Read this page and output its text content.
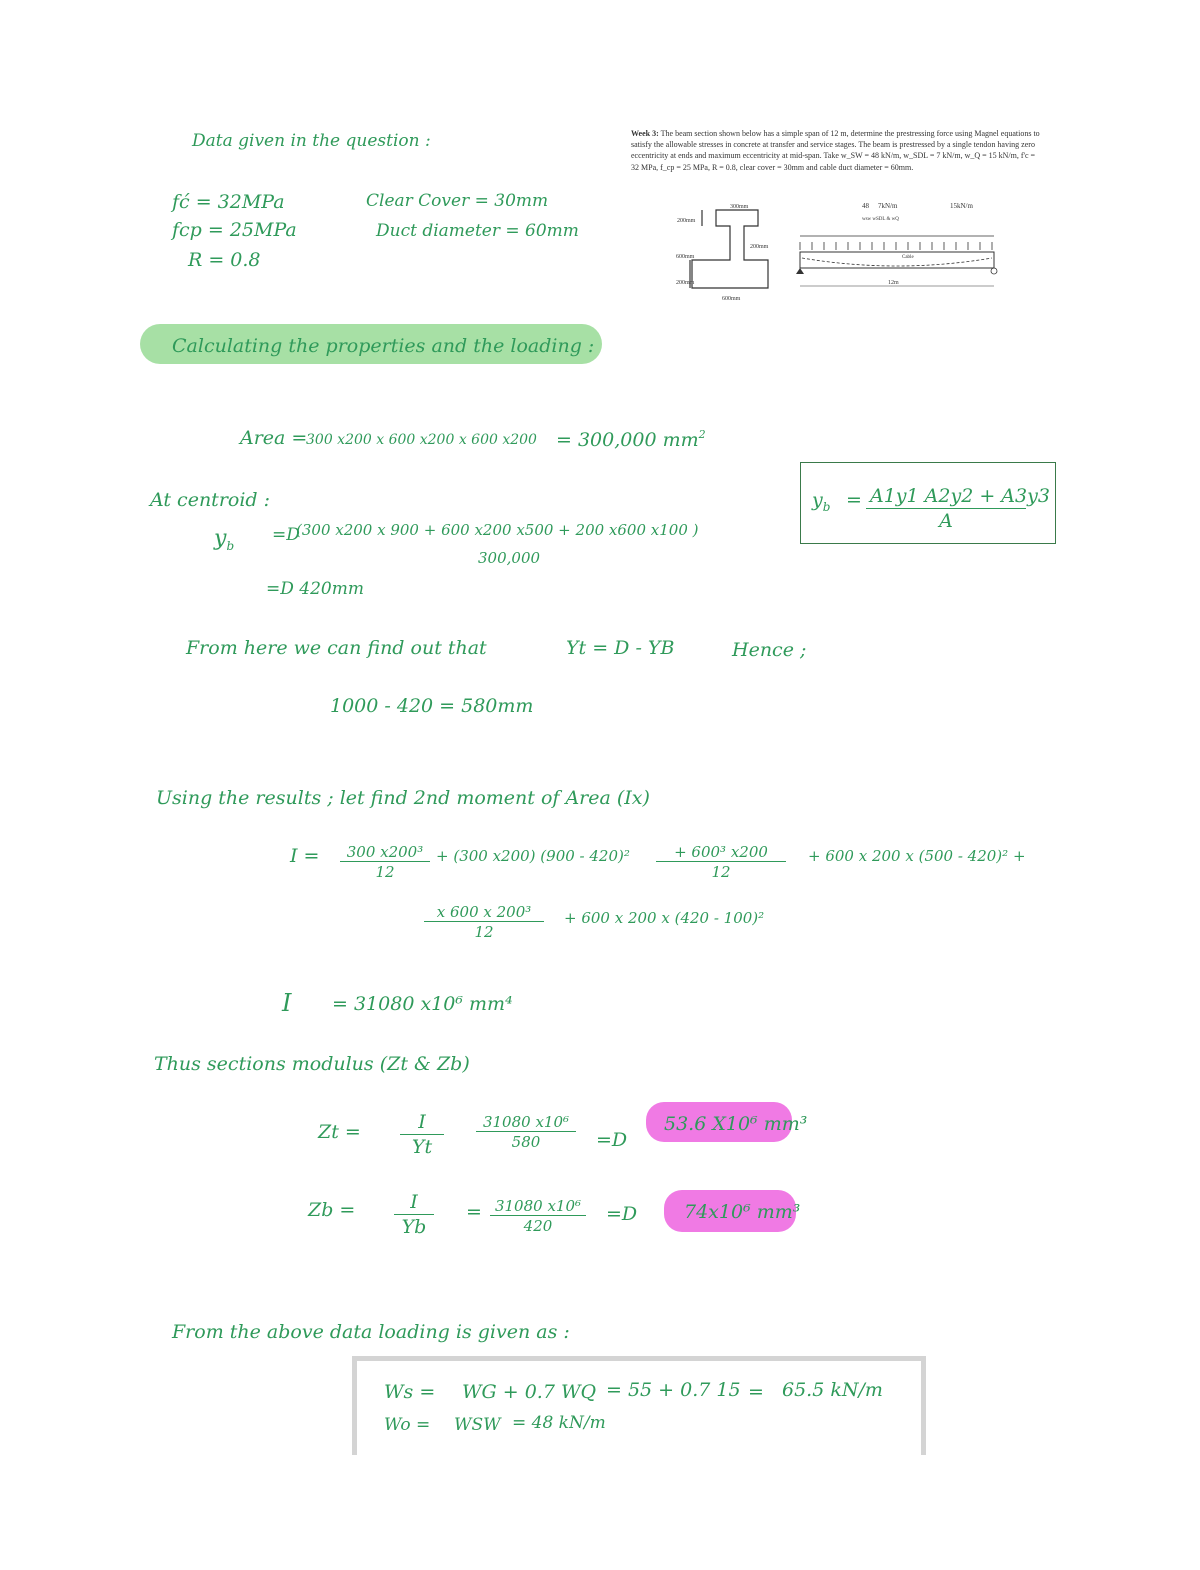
Data given in the question :
fć = 32MPa
fcp = 25MPa
R = 0.8
Clear Cover = 30mm
Duct diameter = 60mm
Week 3: The beam section shown below has a simple span of 12 m, determine the prestressing force using Magnel equations to satisfy the allowable stresses in concrete at transfer and service stages. The beam is prestressed by a single tendon having zero eccentricity at ends and maximum eccentricity at mid-span. Take w_SW = 48 kN/m, w_SDL = 7 kN/m, w_Q = 15 kN/m, f'c = 32 MPa, f_cp = 25 MPa, R = 0.8, clear cover = 30mm and cable duct diameter = 60mm.
300mm
200mm
600mm
200mm
200mm
600mm
48 7kN/m	15kN/m
wsw wSDL & wQ
Cable
12m
Calculating the properties and the loading :
Area =
300 x200 x 600 x200 x 600 x200 = 300,000 $mm^2$
At centroid :
$y_b$
=D
(300 x200 x 900 + 600 x200 x500 + 200 x600 x100 )
300,000
=D 420mm
$y_b = \frac{A1y1 A2y2 + A3y3}{A}$
From here we can find out that	Yt = D - YB	Hence ;
1000 - 420 = 580mm
Using the results ; let find 2nd moment of Area (Ix)
$I = \frac{\text{300 x200³}}{12} + (300$ x200) $(900 - 420)^2 \frac{\text{+ 600³ x200}}{12} + 600$ x 200 x (500 - 420)² +
$\frac{\text{x 600 x 200³}}{12} + 600$ x 200 x (420 - 100)²
I = 31080 x10⁶ mm⁴
Thus sections modulus (Zt & Zb)
$Zt = \frac{I}{Yt} \frac{\text{31080 x10⁶}}{580} =D$
53.6 X10⁶ mm³
$Zb = \frac{I}{Yb} = \frac{\text{31080 x10⁶}}{420} =D$ 74x10⁶ mm³
From the above data loading is given as :
Ws = WG + 0.7 WQ = 55 + 0.7 15 = 65.5 kN/m
Wo = WSW = 48 kN/m
